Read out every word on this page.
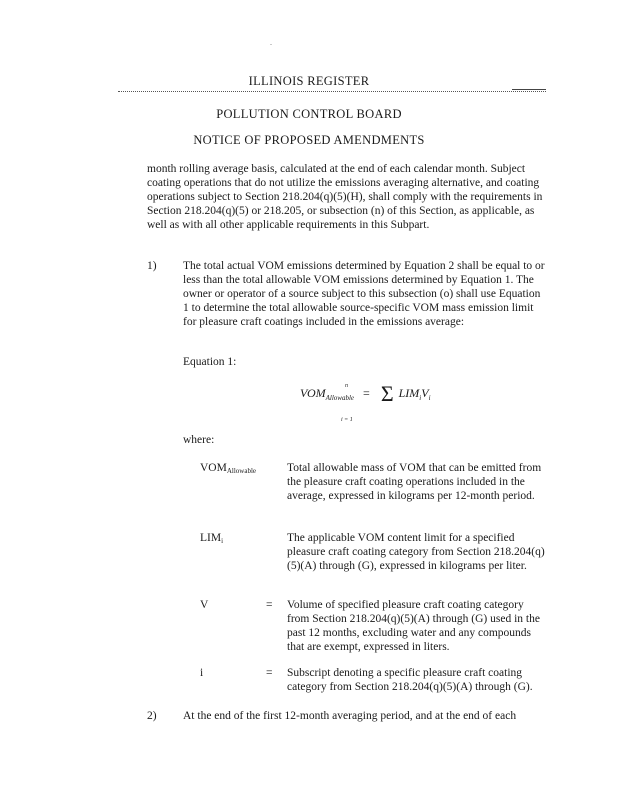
.
ILLINOIS REGISTER
POLLUTION CONTROL BOARD
NOTICE OF PROPOSED AMENDMENTS
month rolling average basis, calculated at the end of each calendar month. Subject coating operations that do not utilize the emissions averaging alternative, and coating operations subject to Section 218.204(q)(5)(H), shall comply with the requirements in Section 218.204(q)(5) or 218.205, or subsection (n) of this Section, as applicable, as well as with all other applicable requirements in this Subpart.
1) The total actual VOM emissions determined by Equation 2 shall be equal to or less than the total allowable VOM emissions determined by Equation 1. The owner or operator of a source subject to this subsection (o) shall use Equation 1 to determine the total allowable source-specific VOM mass emission limit for pleasure craft coatings included in the emissions average:
Equation 1:
n
$VOM_{Allowable} = \Sigma$ $LIM_iV_i$
i = 1
where:
VOMAllowable	Total allowable mass of VOM that can be emitted from the pleasure craft coating operations included in the average, expressed in kilograms per 12-month period.
LIMi	The applicable VOM content limit for a specified pleasure craft coating category from Section 218.204(q)(5)(A) through (G), expressed in kilograms per liter.
V	= Volume of specified pleasure craft coating category from Section 218.204(q)(5)(A) through (G) used in the past 12 months, excluding water and any compounds that are exempt, expressed in liters.
i	= Subscript denoting a specific pleasure craft coating category from Section 218.204(q)(5)(A) through (G).
2) At the end of the first 12-month averaging period, and at the end of each
